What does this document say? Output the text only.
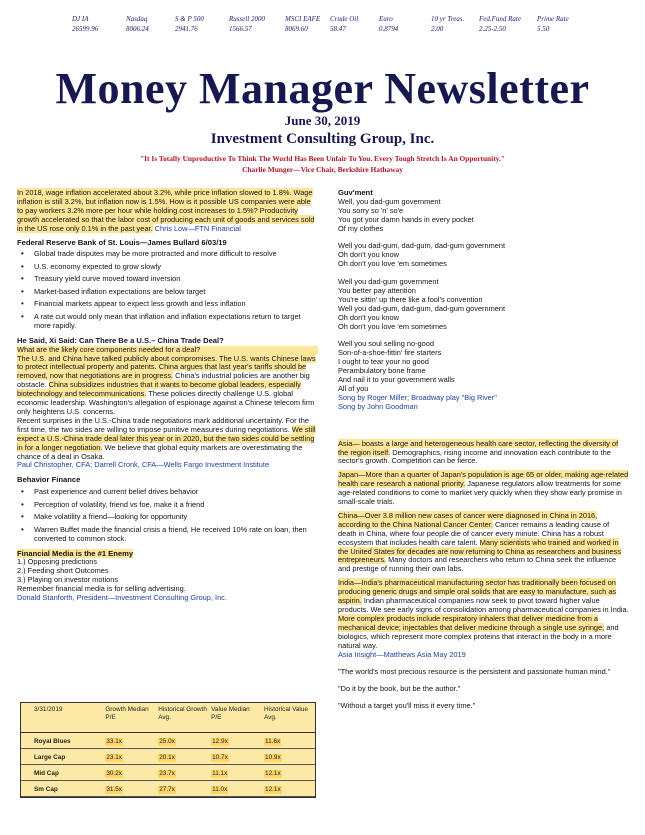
DJ IA
26599.96
Nasdaq
8006.24
S & P 500
2941.76
Russell 2000
1566.57
MSCI EAFE
8069.60
Crude Oil
58.47
Euro
0.8794
10 yr Treas.
2.00
Fed.Fund Rate
2.25-2.50
Prime Rate
5.50
Money Manager Newsletter
June 30, 2019
Investment Consulting Group, Inc.
"It Is Totally Unproductive To Think The World Has Been Unfair To You. Every Tough Stretch Is An Opportunity."
Charlie Munger—Vice Chair, Berkshire Hathaway
In 2018, wage inflation accelerated about 3.2%, while price inflation slowed to 1.8%. Wage inflation is still 3.2%, but inflation now is 1.5%. How is it possible US companies were able to pay workers 3.2% more per hour while holding cost increases to 1.5%? Productivity growth accelerated so that the labor cost of producing each unit of goods and services sold in the US rose only 0.1% in the past year. Chris Low—FTN Financial
Federal Reserve Bank of St. Louis—James Bullard 6/03/19
• Global trade disputes may be more protracted and more difficult to resolve
• U.S. economy expected to grow slowly
• Treasury yield curve moved toward inversion
• Market-based inflation expectations are below target
• Financial markets appear to expect less growth and less inflation
• A rate cut would only mean that inflation and inflation expectations return to target more rapidly.
He Said, Xi Said: Can There Be a U.S.– China Trade Deal?
What are the likely core components needed for a deal?
The U.S. and China have talked publicly about compromises. The U.S. wants Chinese laws to protect intellectual property and patents. China argues that last year's tariffs should be removed, now that negotiations are in progress. China's industrial policies are another big obstacle. China subsidizes industries that it wants to become global leaders, especially biotechnology and telecommunications. These policies directly challenge U.S. global economic leadership. Washington's allegation of espionage against a Chinese telecom firm only heightens U.S. concerns.
Recent surprises in the U.S.-China trade negotiations mark additional uncertainty. For the first time, the two sides are willing to impose punitive measures during negotiations. We still expect a U.S.-China trade deal later this year or in 2020, but the two sides could be settling in for a longer negotiation. We believe that global equity markets are overestimating the chance of a deal in Osaka.
Paul Christopher, CFA; Darrell Cronk, CFA—Wells Fargo Investment Institute
Behavior Finance
• Past experience and current belief drives behavior
• Perception of volatility, friend vs foe, make it a friend
• Make volatility a friend—looking for opportunity
• Warren Buffet made the financial crisis a friend, He received 10% rate on loan, then converted to common stock.
Financial Media is the #1 Enemy
1.) Opposing predictions
2.) Feeding short Outcomes
3.) Playing on investor motions
Remember financial media is for selling advertising.
Donald Stanforth, President—Investment Consulting Group, Inc.
3/31/2019	Growth Median P/E	Historical Growth Avg.	Value Median P/E	Historical Value Avg.
Royal Blues	33.1x	25.0x	12.9x	11.6x
Large Cap	23.1x	20.1x	10.7x	10.9x
Mid Cap	30.2x	23.7x	11.1x	12.1x
Sm Cap	31.5x	27.7x	11.0x	12.1x
Guv'ment
Well, you dad-gum government
You sorry so 'n' so'e
You got your damn hands in every pocket
Of my clothes
Well you dad-gum, dad-gum, dad-gum government
Oh don't you know
Oh don't you love 'em sometimes
Well you dad-gum government
You better pay attention
You're sittin' up there like a fool's convention
Well you dad-gum, dad-gum, dad-gum government
Oh don't you know
Oh don't you love 'em sometimes
Well you soul selling no-good
Son-of-a-shoe-fittin' fire starters
I ought to tear your no good
Perambulatory bone frame
And nail it to your government walls
All of you
Song by Roger Miller; Broadway play "Big River"
Song by John Goodman
Asia— boasts a large and heterogeneous health care sector, reflecting the diversity of the region itself. Demographics, rising income and innovation each contribute to the sector's growth. Competition can be fierce.
Japan—More than a quarter of Japan's population is age 65 or older, making age-related health care research a national priority. Japanese regulators allow treatments for some age-related conditions to come to market very quickly when they show early promise in small-scale trials.
China—Over 3.8 million new cases of cancer were diagnosed in China in 2016, according to the China National Cancer Center. Cancer remains a leading cause of death in China, where four people die of cancer every minute. China has a robust ecosystem that includes health care talent. Many scientists who trained and worked in the United States for decades are now returning to China as researchers and business entrepreneurs. Many doctors and researchers who return to China seek the influence and prestige of running their own labs.
India—India's pharmaceutical manufacturing sector has traditionally been focused on producing generic drugs and simple oral solids that are easy to manufacture, such as aspirin. Indian pharmaceutical companies now seek to pivot toward higher value products. We see early signs of consolidation among pharmaceutical companies in India. More complex products include respiratory inhalers that deliver medicine from a mechanical device; injectables that deliver medicine through a single use syringe; and biologics, which represent more complex proteins that interact in the body in a more natural way.
Asia Insight—Matthews Asia May 2019
"The world's most precious resource is the persistent and passionate human mind."
"Do it by the book, but be the author."
"Without a target you'll miss it every time."
